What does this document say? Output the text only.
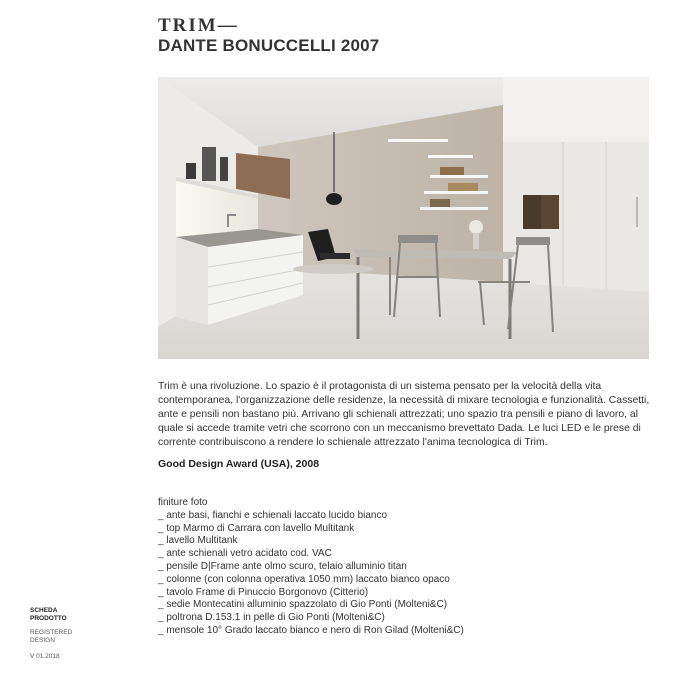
TRIM—
DANTE BONUCCELLI 2007

Trim è una rivoluzione. Lo spazio è il protagonista di un sistema pensato per la velocità della vita contemporanea, l'organizzazione delle residenze, la necessità di mixare tecnologia e funzionalità. Cassetti, ante e pensili non bastano più. Arrivano gli schienali attrezzati; uno spazio tra pensili e piano di lavoro, al quale si accede tramite vetri che scorrono con un meccanismo brevettato Dada. Le luci LED e le prese di corrente contribuiscono a rendere lo schienale attrezzato l'anima tecnologica di Trim.

Good Design Award (USA), 2008

finiture foto
_ ante basi, fianchi e schienali laccato lucido bianco
_ top Marmo di Carrara con lavello Multitank
_ lavello Multitank
_ ante schienali vetro acidato cod. VAC
_ pensile D|Frame ante olmo scuro, telaio alluminio titan
_ colonne (con colonna operativa 1050 mm) laccato bianco opaco
_ tavolo Frame di Pinuccio Borgonovo (Citterio)
_ sedie Montecatini alluminio spazzolato di Gio Ponti (Molteni&C)
_ poltrona D.153.1 in pelle di Gio Ponti (Molteni&C)
_ mensole 10° Grado laccato bianco e nero di Ron Gilad (Molteni&C)
SCHEDA
PRODOTTO
REGISTERED
DESIGN
V 01.2018
